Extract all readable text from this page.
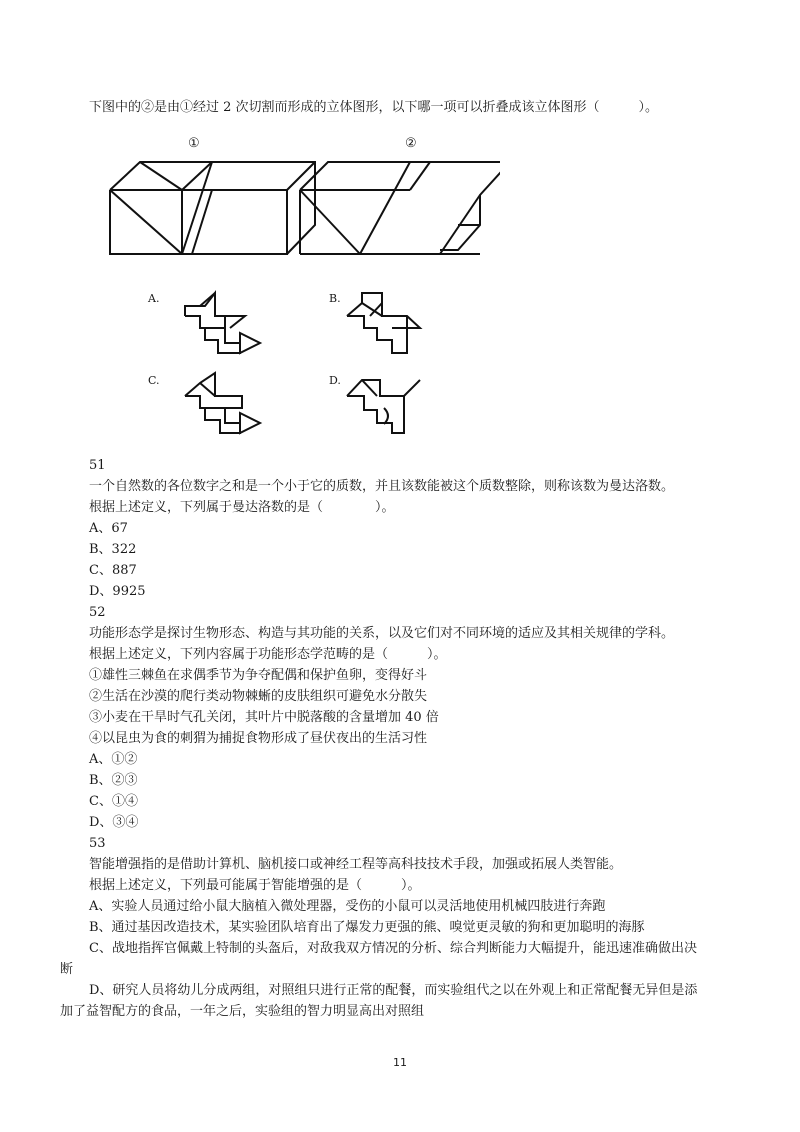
下图中的②是由①经过 2 次切割而形成的立体图形，以下哪一项可以折叠成该立体图形（　　　）。
①	②
A.	B.
C.	D.
51
一个自然数的各位数字之和是一个小于它的质数，并且该数能被这个质数整除，则称该数为曼达洛数。
根据上述定义，下列属于曼达洛数的是（　　　　）。
A、67
B、322
C、887
D、9925
52
功能形态学是探讨生物形态、构造与其功能的关系，以及它们对不同环境的适应及其相关规律的学科。
根据上述定义，下列内容属于功能形态学范畴的是（　　　）。
①雄性三棘鱼在求偶季节为争夺配偶和保护鱼卵，变得好斗
②生活在沙漠的爬行类动物棘蜥的皮肤组织可避免水分散失
③小麦在干旱时气孔关闭，其叶片中脱落酸的含量增加 40 倍
④以昆虫为食的刺猬为捕捉食物形成了昼伏夜出的生活习性
A、①②
B、②③
C、①④
D、③④
53
智能增强指的是借助计算机、脑机接口或神经工程等高科技技术手段，加强或拓展人类智能。
根据上述定义，下列最可能属于智能增强的是（　　　）。
A、实验人员通过给小鼠大脑植入微处理器，受伤的小鼠可以灵活地使用机械四肢进行奔跑
B、通过基因改造技术，某实验团队培育出了爆发力更强的熊、嗅觉更灵敏的狗和更加聪明的海豚
C、战地指挥官佩戴上特制的头盔后，对敌我双方情况的分析、综合判断能力大幅提升，能迅速准确做出决
断
D、研究人员将幼儿分成两组，对照组只进行正常的配餐，而实验组代之以在外观上和正常配餐无异但是添
加了益智配方的食品，一年之后，实验组的智力明显高出对照组
11
